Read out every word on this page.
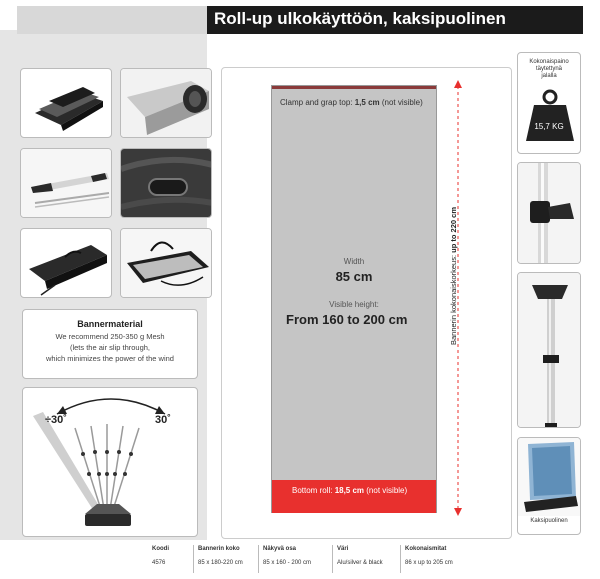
Roll-up ulkokäyttöön, kaksipuolinen
Bannermaterial
We recommend 250-350 g Mesh
(lets the air slip through,
which minimizes the power of the wind
÷30˚	30˚
Clamp and grap top: 1,5 cm (not visible)
Width
85 cm
Visible height:
From 160 to 200 cm
Bottom roll: 18,5 cm (not visible)
Bannerin kokonaiskorkeus: up to 220 cm
Kokonaispaino
täytettynä
jalalla
15,7 KG
Kaksipuolinen
Koodi
4576
Bannerin koko
85 x 180-220 cm
Näkyvä osa
85 x 160 - 200 cm
Väri
Alu/silver & black
Kokonaismitat
86 x up to 205 cm
